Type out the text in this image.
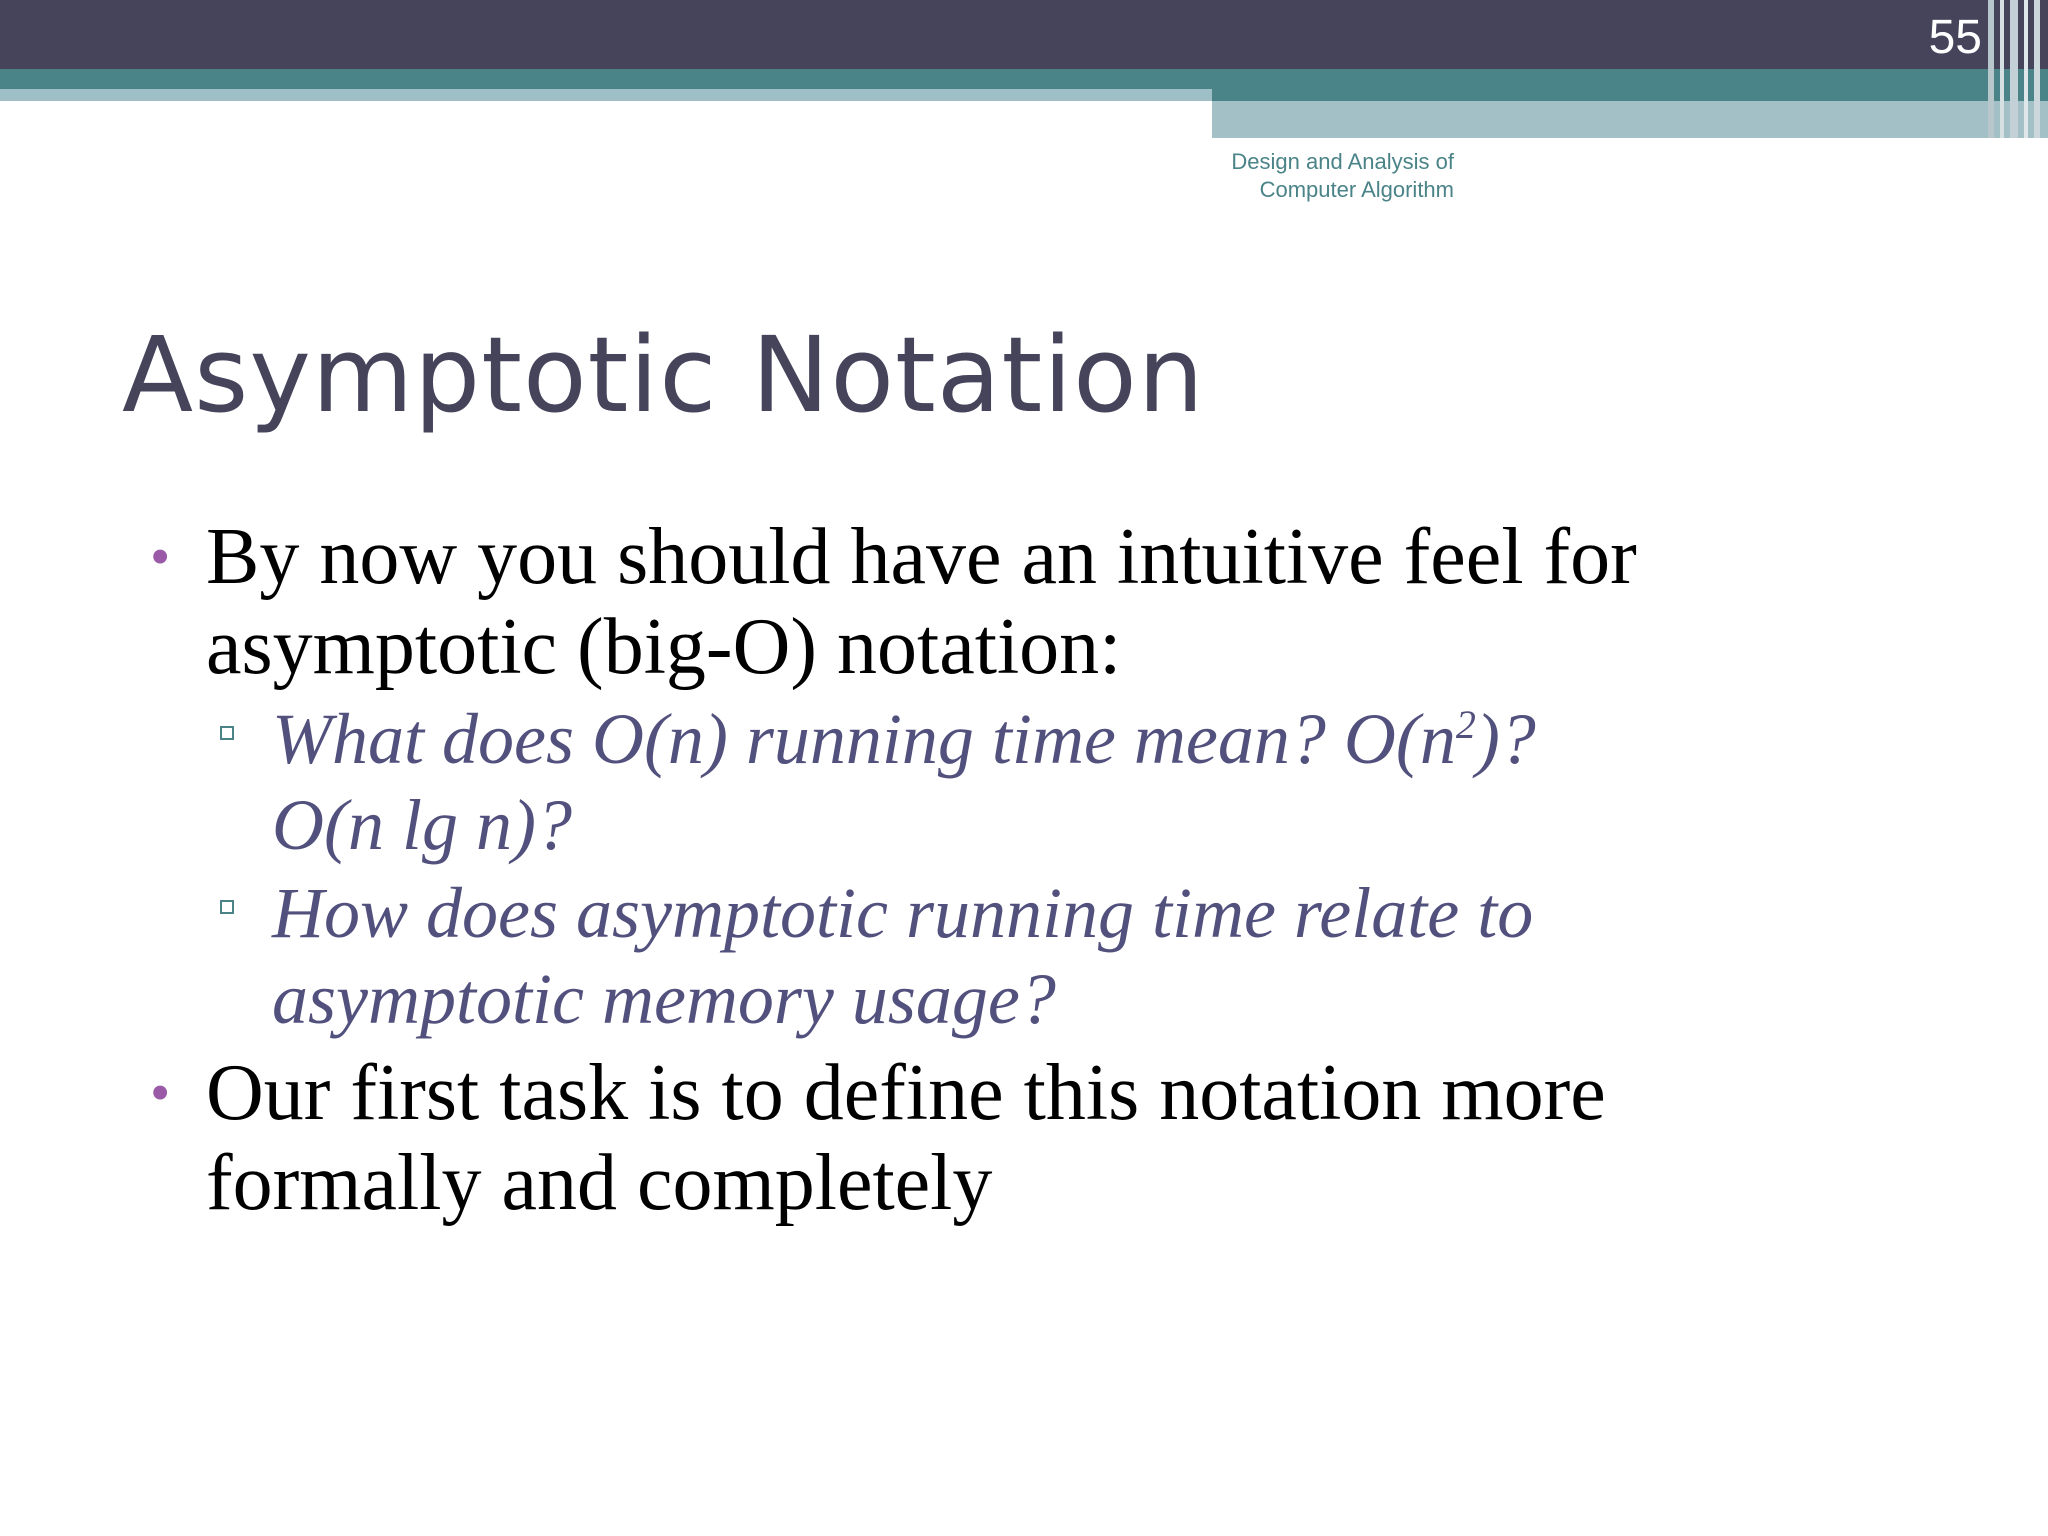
55
Design and Analysis of
Computer Algorithm
Asymptotic Notation
• By now you should have an intuitive feel for
asymptotic (big-O) notation:
What does O(n) running time mean? $O(n^2)$?
O(n lg n)?
How does asymptotic running time relate to
asymptotic memory usage?
• Our first task is to define this notation more
formally and completely
